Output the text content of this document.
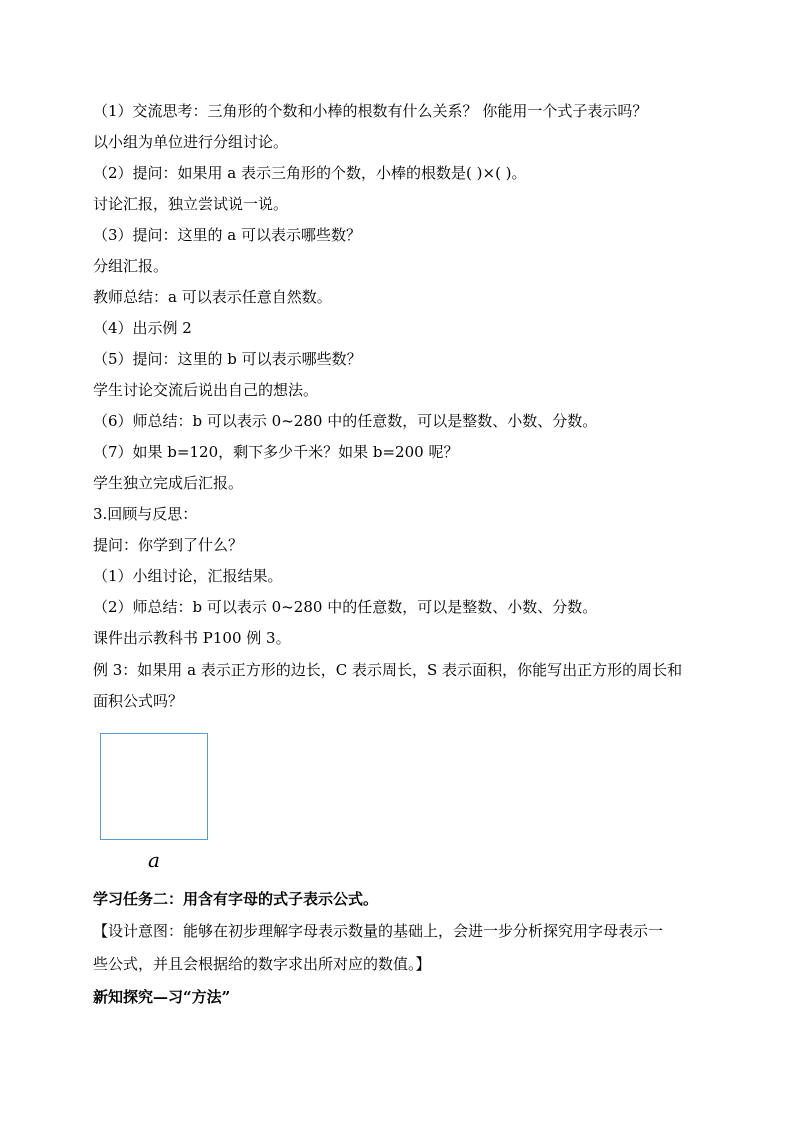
（1）交流思考：三角形的个数和小棒的根数有什么关系？ 你能用一个式子表示吗？
以小组为单位进行分组讨论。
（2）提问：如果用 a 表示三角形的个数，小棒的根数是( )×( )。
讨论汇报，独立尝试说一说。
（3）提问：这里的 a 可以表示哪些数？
分组汇报。
教师总结：a 可以表示任意自然数。
（4）出示例 2
（5）提问：这里的 b 可以表示哪些数？
学生讨论交流后说出自己的想法。
（6）师总结：b 可以表示 0~280 中的任意数，可以是整数、小数、分数。
（7）如果 b=120，剩下多少千米？如果 b=200 呢？
学生独立完成后汇报。
3.回顾与反思：
提问：你学到了什么？
（1）小组讨论，汇报结果。
（2）师总结：b 可以表示 0~280 中的任意数，可以是整数、小数、分数。
课件出示教科书 P100 例 3。
例 3：如果用 a 表示正方形的边长，C 表示周长，S 表示面积，你能写出正方形的周长和
面积公式吗？
a
学习任务二：用含有字母的式子表示公式。
【设计意图：能够在初步理解字母表示数量的基础上，会进一步分析探究用字母表示一
些公式，并且会根据给的数字求出所对应的数值。】
新知探究—习“方法”
